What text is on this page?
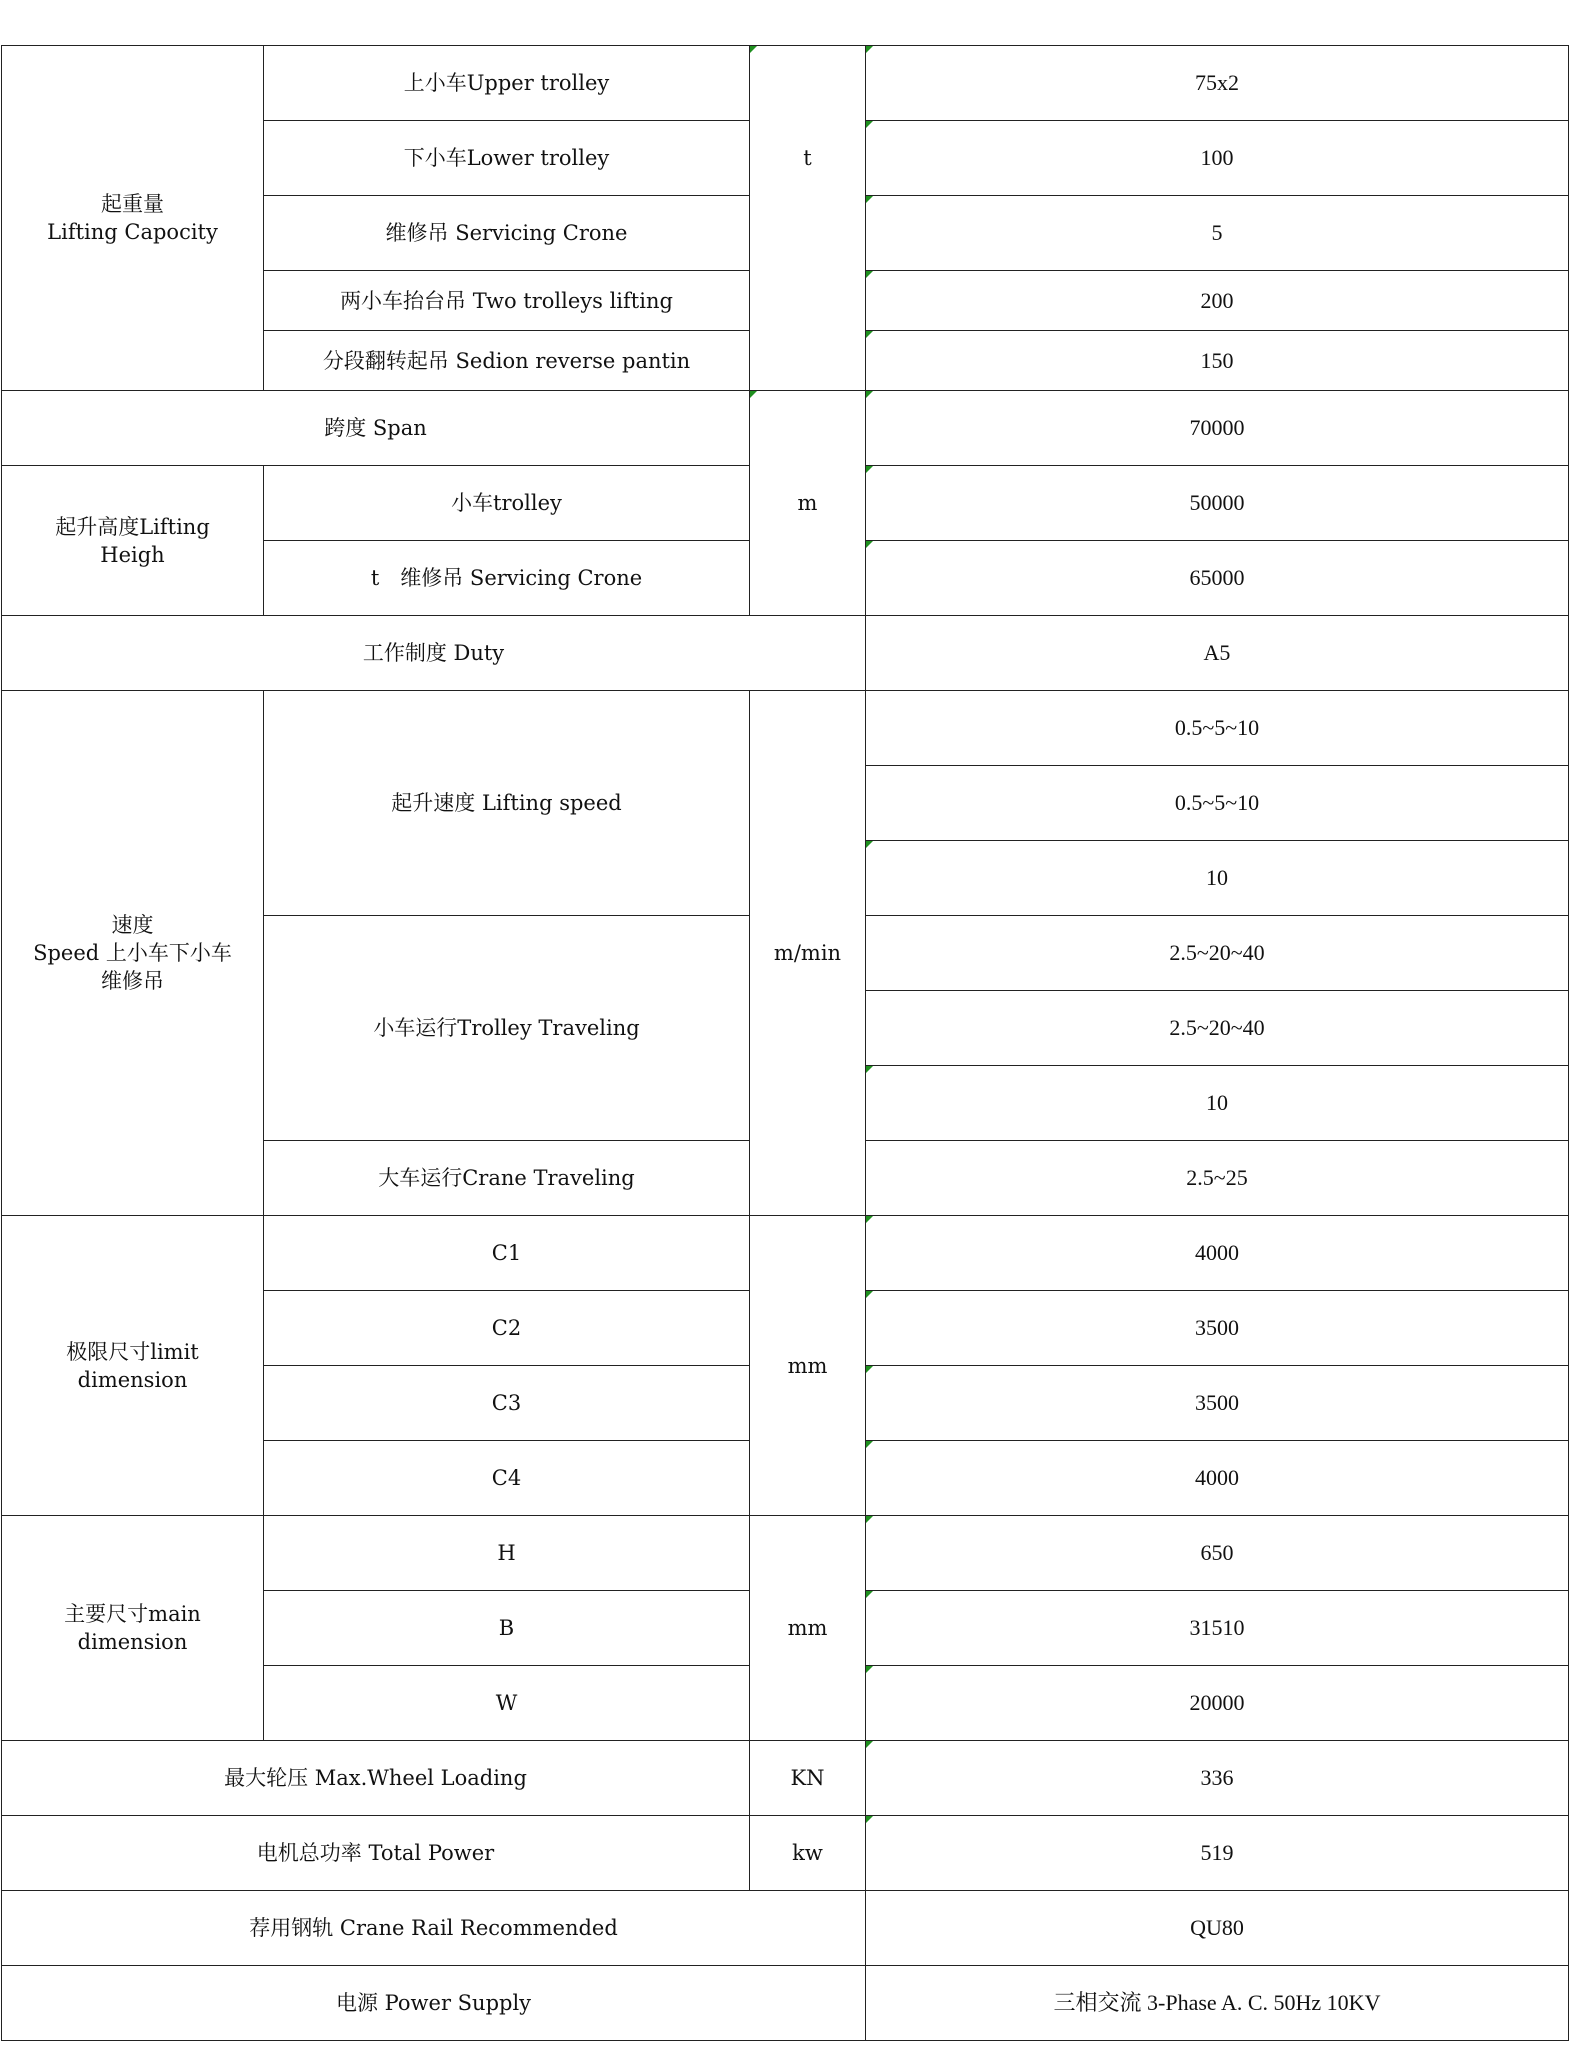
起重量
Lifting Capocity	上小车Upper trolley	t	75x2
	下小车Lower trolley		100
	维修吊 Servicing Crone		5
	两小车抬台吊 Two trolleys lifting		200
	分段翻转起吊 Sedion reverse pantin		150
跨度 Span		m	70000
起升高度Lifting
Heigh	小车trolley		50000
	t　维修吊 Servicing Crone		65000
工作制度 Duty			A5
速度
Speed 上小车下小车
维修吊	起升速度 Lifting speed	m/min	0.5~5~10
			0.5~5~10
			10
	小车运行Trolley Traveling		2.5~20~40
			2.5~20~40
			10
	大车运行Crane Traveling		2.5~25
极限尺寸limit
dimension	C1	mm	4000
	C2		3500
	C3		3500
	C4		4000
主要尺寸main
dimension	H	mm	650
	B		31510
	W		20000
最大轮压 Max.Wheel Loading		KN	336
电机总功率 Total Power		kw	519
荐用钢轨 Crane Rail Recommended			QU80
电源 Power Supply			三相交流 3-Phase A. C. 50Hz 10KV
